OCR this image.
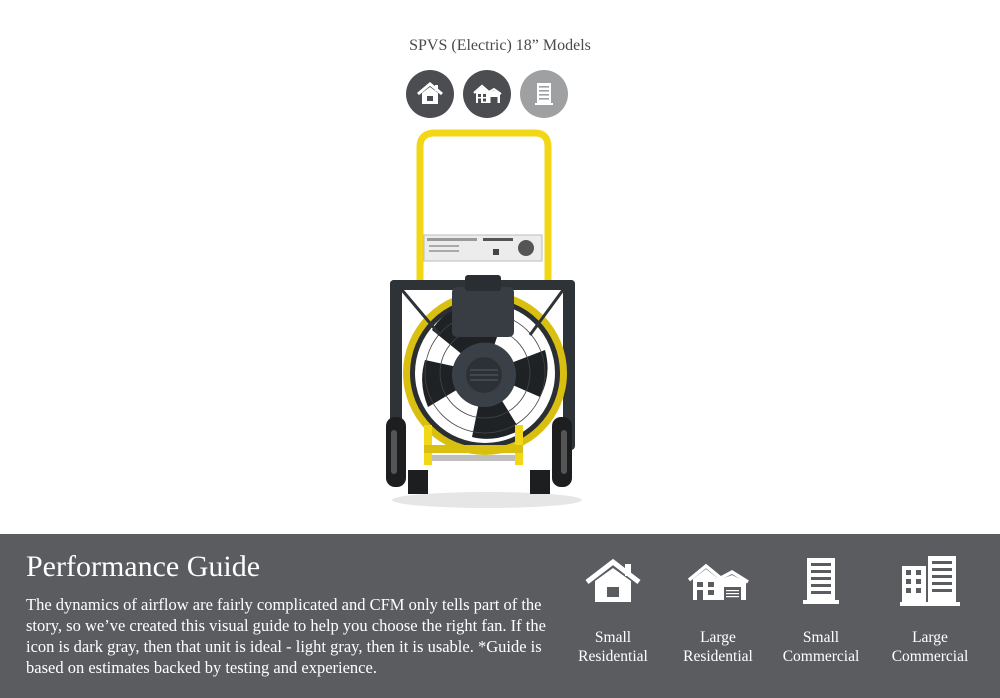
SPVS (Electric) 18” Models
Performance Guide

The dynamics of airflow are fairly complicated and CFM only tells part of the story, so we’ve created this visual guide to help you choose the right fan. If the icon is dark gray, then that unit is ideal - light gray, then it is usable. *Guide is based on estimates backed by testing and experience.

Small
Residential
Large
Residential
Small
Commercial
Large
Commercial
